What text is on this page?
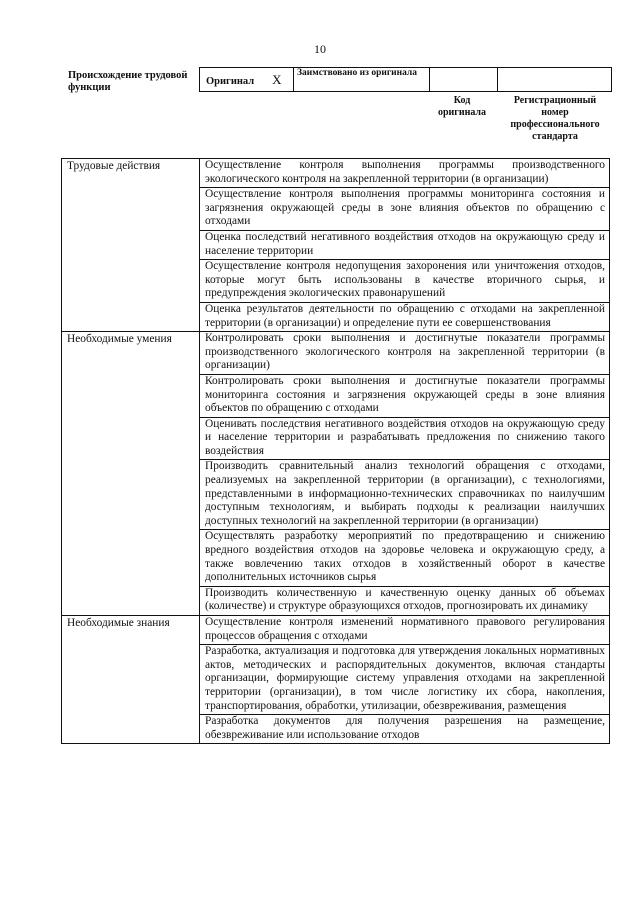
10
Происхождение трудовой функции
Оригинал X	Заимствовано из оригинала		
Код оригинала
Регистрационный номер профессионального стандарта
Трудовые действия	Осуществление контроля выполнения программы производственного экологического контроля на закрепленной территории (в организации)
	Осуществление контроля выполнения программы мониторинга состояния и загрязнения окружающей среды в зоне влияния объектов по обращению с отходами
	Оценка последствий негативного воздействия отходов на окружающую среду и население территории
	Осуществление контроля недопущения захоронения или уничтожения отходов, которые могут быть использованы в качестве вторичного сырья, и предупреждения экологических правонарушений
	Оценка результатов деятельности по обращению с отходами на закрепленной территории (в организации) и определение пути ее совершенствования
Необходимые умения	Контролировать сроки выполнения и достигнутые показатели программы производственного экологического контроля на закрепленной территории (в организации)
	Контролировать сроки выполнения и достигнутые показатели программы мониторинга состояния и загрязнения окружающей среды в зоне влияния объектов по обращению с отходами
	Оценивать последствия негативного воздействия отходов на окружающую среду и население территории и разрабатывать предложения по снижению такого воздействия
	Производить сравнительный анализ технологий обращения с отходами, реализуемых на закрепленной территории (в организации), с технологиями, представленными в информационно-технических справочниках по наилучшим доступным технологиям, и выбирать подходы к реализации наилучших доступных технологий на закрепленной территории (в организации)
	Осуществлять разработку мероприятий по предотвращению и снижению вредного воздействия отходов на здоровье человека и окружающую среду, а также вовлечению таких отходов в хозяйственный оборот в качестве дополнительных источников сырья
	Производить количественную и качественную оценку данных об объемах (количестве) и структуре образующихся отходов, прогнозировать их динамику
Необходимые знания	Осуществление контроля изменений нормативного правового регулирования процессов обращения с отходами
	Разработка, актуализация и подготовка для утверждения локальных нормативных актов, методических и распорядительных документов, включая стандарты организации, формирующие систему управления отходами на закрепленной территории (организации), в том числе логистику их сбора, накопления, транспортирования, обработки, утилизации, обезвреживания, размещения
	Разработка документов для получения разрешения на размещение, обезвреживание или использование отходов
